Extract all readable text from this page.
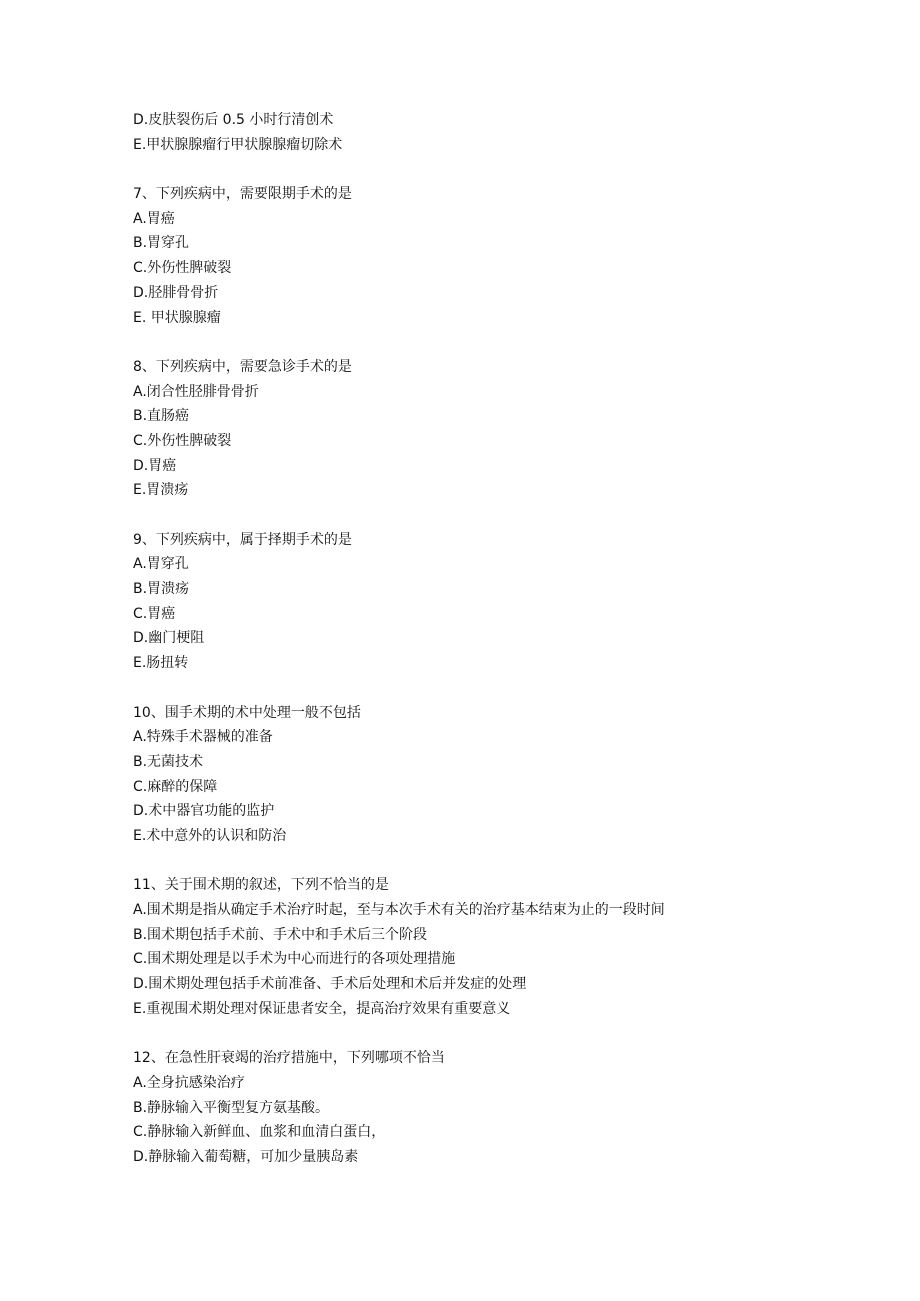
D.皮肤裂伤后 0.5 小时行清创术
E.甲状腺腺瘤行甲状腺腺瘤切除术
7、下列疾病中，需要限期手术的是
A.胃癌
B.胃穿孔
C.外伤性脾破裂
D.胫腓骨骨折
E. 甲状腺腺瘤
8、下列疾病中，需要急诊手术的是
A.闭合性胫腓骨骨折
B.直肠癌
C.外伤性脾破裂
D.胃癌
E.胃溃疡
9、下列疾病中，属于择期手术的是
A.胃穿孔
B.胃溃疡
C.胃癌
D.幽门梗阻
E.肠扭转
10、围手术期的术中处理一般不包括
A.特殊手术器械的准备
B.无菌技术
C.麻醉的保障
D.术中器官功能的监护
E.术中意外的认识和防治
11、关于围术期的叙述，下列不恰当的是
A.围术期是指从确定手术治疗时起，至与本次手术有关的治疗基本结束为止的一段时间
B.围术期包括手术前、手术中和手术后三个阶段
C.围术期处理是以手术为中心而进行的各项处理措施
D.围术期处理包括手术前准备、手术后处理和术后并发症的处理
E.重视围术期处理对保证患者安全，提高治疗效果有重要意义
12、在急性肝衰竭的治疗措施中，下列哪项不恰当
A.全身抗感染治疗
B.静脉输入平衡型复方氨基酸。
C.静脉输入新鲜血、血浆和血清白蛋白，
D.静脉输入葡萄糖，可加少量胰岛素
